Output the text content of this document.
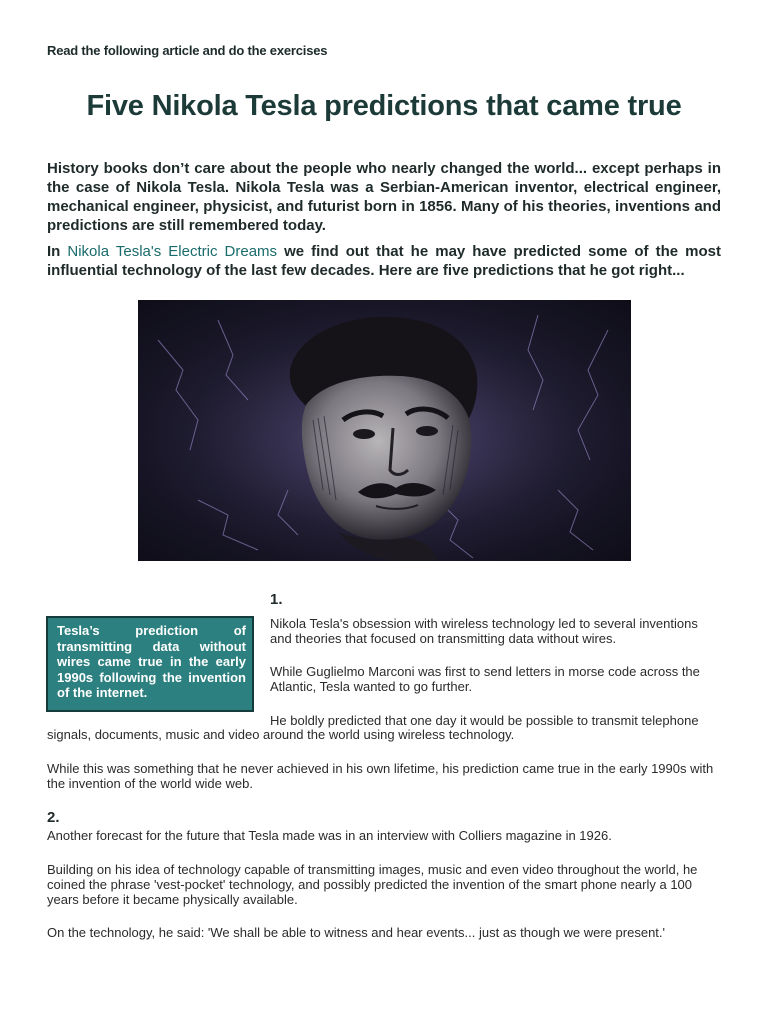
Read the following article and do the exercises
Five Nikola Tesla predictions that came true

History books don’t care about the people who nearly changed the world... except perhaps in the case of Nikola Tesla. Nikola Tesla was a Serbian-American inventor, electrical engineer, mechanical engineer, physicist, and futurist born in 1856. Many of his theories, inventions and predictions are still remembered today.

In Nikola Tesla's Electric Dreams we find out that he may have predicted some of the most influential technology of the last few decades. Here are five predictions that he got right...

1.
Tesla’s prediction of transmitting data without wires came true in the early 1990s following the invention of the internet.

Nikola Tesla's obsession with wireless technology led to several inventions and theories that focused on transmitting data without wires.

While Guglielmo Marconi was first to send letters in morse code across the Atlantic, Tesla wanted to go further.

He boldly predicted that one day it would be possible to transmit telephone

signals, documents, music and video around the world using wireless technology.

While this was something that he never achieved in his own lifetime, his prediction came true in the early 1990s with the invention of the world wide web.

2.

Another forecast for the future that Tesla made was in an interview with Colliers magazine in 1926.

Building on his idea of technology capable of transmitting images, music and even video throughout the world, he coined the phrase 'vest-pocket' technology, and possibly predicted the invention of the smart phone nearly a 100 years before it became physically available.

On the technology, he said: 'We shall be able to witness and hear events... just as though we were present.'
